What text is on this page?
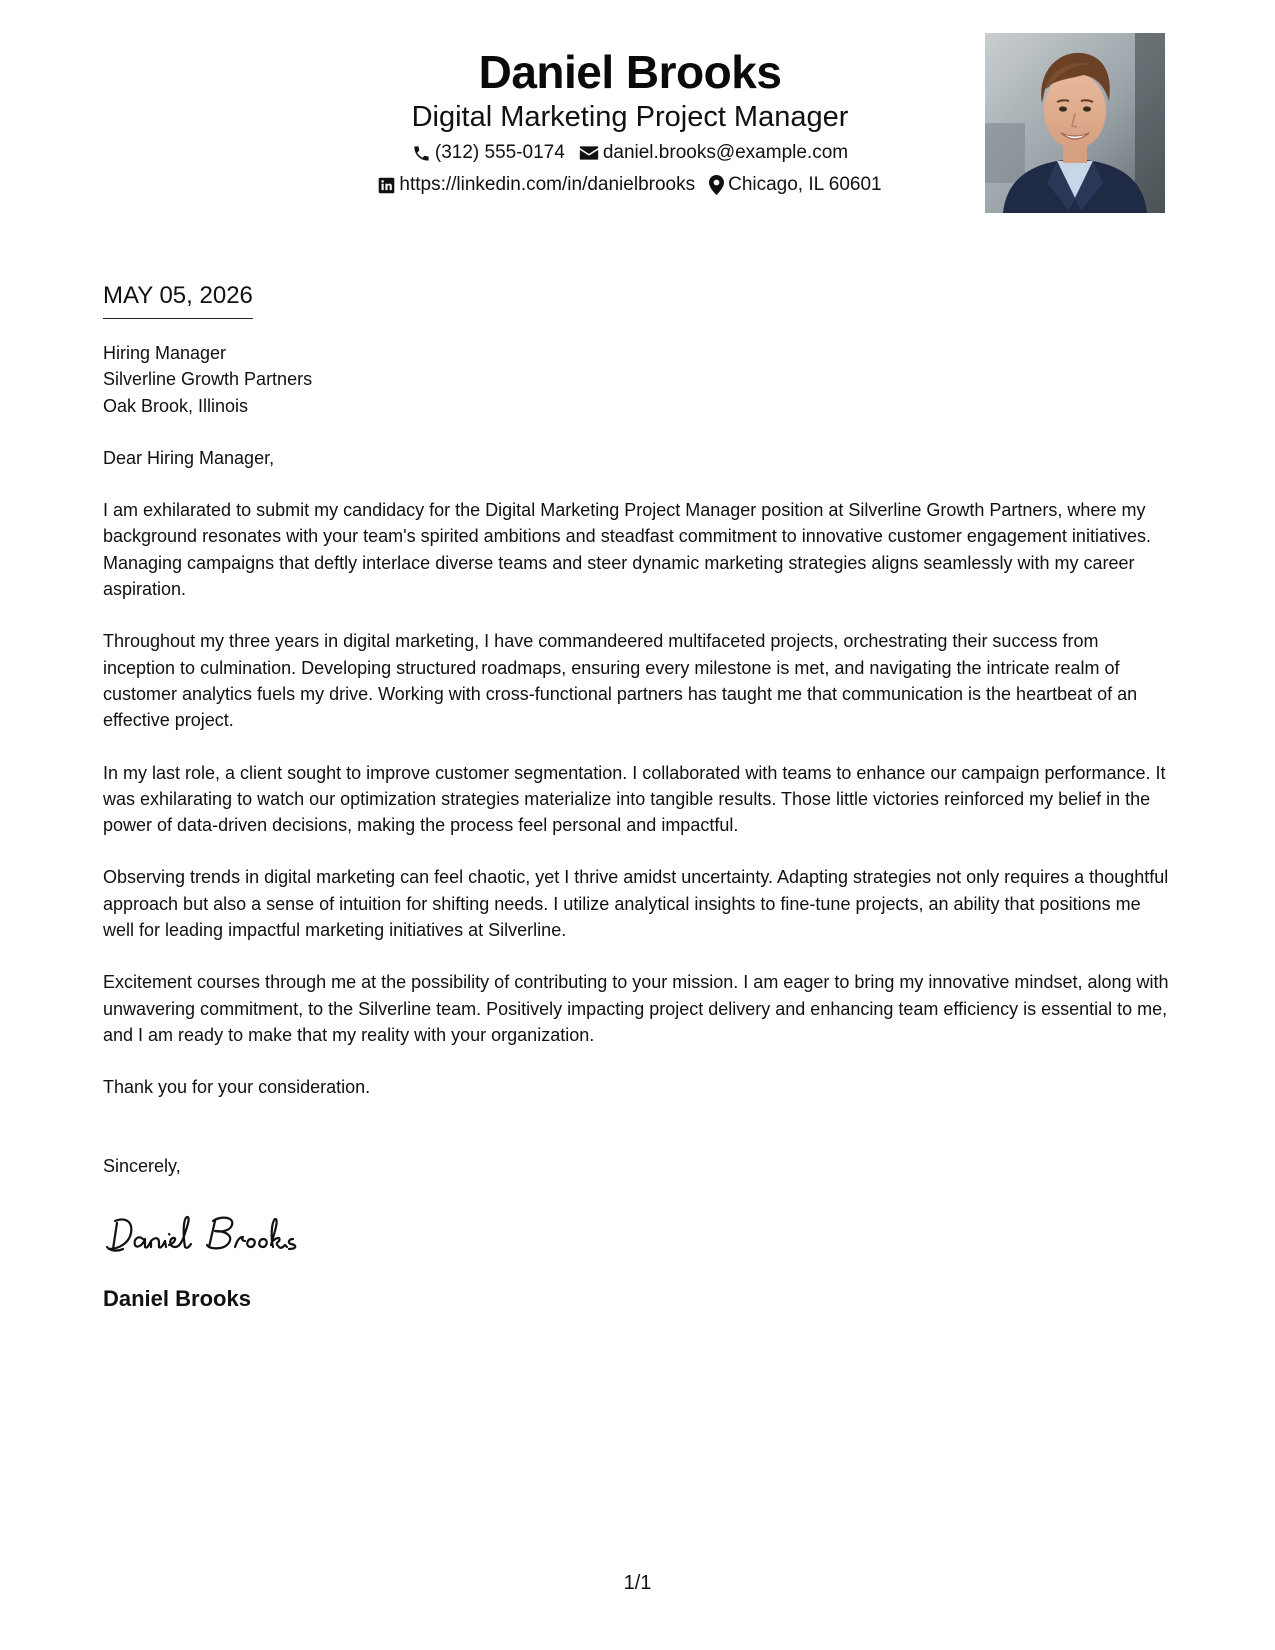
Daniel Brooks
Digital Marketing Project Manager
(312) 555-0174 daniel.brooks@example.com
https://linkedin.com/in/danielbrooks Chicago, IL 60601
MAY 05, 2026
Hiring Manager
Silverline Growth Partners
Oak Brook, Illinois
Dear Hiring Manager,
I am exhilarated to submit my candidacy for the Digital Marketing Project Manager position at Silverline Growth Partners, where my background resonates with your team's spirited ambitions and steadfast commitment to innovative customer engagement initiatives. Managing campaigns that deftly interlace diverse teams and steer dynamic marketing strategies aligns seamlessly with my career aspiration.
Throughout my three years in digital marketing, I have commandeered multifaceted projects, orchestrating their success from inception to culmination. Developing structured roadmaps, ensuring every milestone is met, and navigating the intricate realm of customer analytics fuels my drive. Working with cross-functional partners has taught me that communication is the heartbeat of an effective project.
In my last role, a client sought to improve customer segmentation. I collaborated with teams to enhance our campaign performance. It was exhilarating to watch our optimization strategies materialize into tangible results. Those little victories reinforced my belief in the power of data-driven decisions, making the process feel personal and impactful.
Observing trends in digital marketing can feel chaotic, yet I thrive amidst uncertainty. Adapting strategies not only requires a thoughtful approach but also a sense of intuition for shifting needs. I utilize analytical insights to fine-tune projects, an ability that positions me well for leading impactful marketing initiatives at Silverline.
Excitement courses through me at the possibility of contributing to your mission. I am eager to bring my innovative mindset, along with unwavering commitment, to the Silverline team. Positively impacting project delivery and enhancing team efficiency is essential to me, and I am ready to make that my reality with your organization.
Thank you for your consideration.
Sincerely,
Daniel Brooks
1/1
